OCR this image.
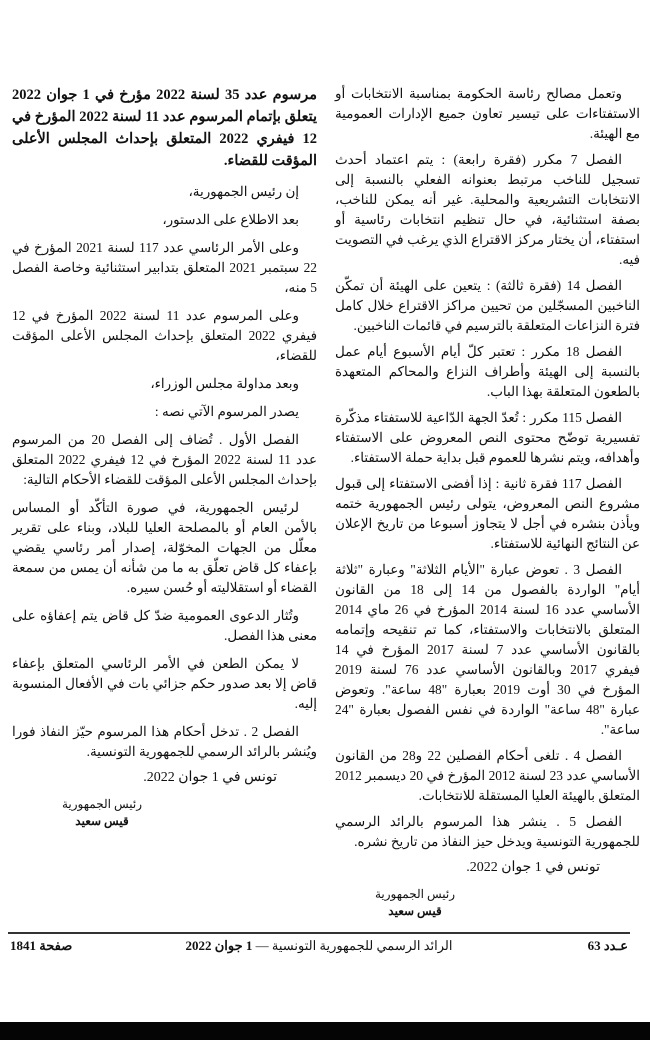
وتعمل مصالح رئاسة الحكومة بمناسبة الانتخابات أو الاستفتاءات على تيسير تعاون جميع الإدارات العمومية مع الهيئة.

الفصل 7 مكرر (فقرة رابعة) : يتم اعتماد أحدث تسجيل للناخب مرتبط بعنوانه الفعلي بالنسبة إلى الانتخابات التشريعية والمحلية. غير أنه يمكن للناخب، بصفة استثنائية، في حال تنظيم انتخابات رئاسية أو استفتاء، أن يختار مركز الاقتراع الذي يرغب في التصويت فيه.

الفصل 14 (فقرة ثالثة) : يتعين على الهيئة أن تمكّن الناخبين المسجّلين من تحيين مراكز الاقتراع خلال كامل فترة النزاعات المتعلقة بالترسيم في قائمات الناخبين.

الفصل 18 مكرر : تعتبر كلّ أيام الأسبوع أيام عمل بالنسبة إلى الهيئة وأطراف النزاع والمحاكم المتعهدة بالطعون المتعلقة بهذا الباب.

الفصل 115 مكرر : تُعدّ الجهة الدّاعية للاستفتاء مذكّرة تفسيرية توضّح محتوى النص المعروض على الاستفتاء وأهدافه، ويتم نشرها للعموم قبل بداية حملة الاستفتاء.

الفصل 117 فقرة ثانية : إذا أفضى الاستفتاء إلى قبول مشروع النص المعروض، يتولى رئيس الجمهورية ختمه ويأذن بنشره في أجل لا يتجاوز أسبوعا من تاريخ الإعلان عن النتائج النهائية للاستفتاء.

الفصل 3 . تعوض عبارة "الأيام الثلاثة" وعبارة "ثلاثة أيام" الواردة بالفصول من 14 إلى 18 من القانون الأساسي عدد 16 لسنة 2014 المؤرخ في 26 ماي 2014 المتعلق بالانتخابات والاستفتاء، كما تم تنقيحه وإتمامه بالقانون الأساسي عدد 7 لسنة 2017 المؤرخ في 14 فيفري 2017 وبالقانون الأساسي عدد 76 لسنة 2019 المؤرخ في 30 أوت 2019 بعبارة "48 ساعة". وتعوض عبارة "48 ساعة" الواردة في نفس الفصول بعبارة "24 ساعة".

الفصل 4 . تلغى أحكام الفصلين 22 و28 من القانون الأساسي عدد 23 لسنة 2012 المؤرخ في 20 ديسمبر 2012 المتعلق بالهيئة العليا المستقلة للانتخابات.

الفصل 5 . ينشر هذا المرسوم بالرائد الرسمي للجمهورية التونسية ويدخل حيز النفاذ من تاريخ نشره.

تونس في 1 جوان 2022.

رئيس الجمهورية
قيس سعيد

مرسوم عدد 35 لسنة 2022 مؤرخ في 1 جوان 2022 يتعلق بإتمام المرسوم عدد 11 لسنة 2022 المؤرخ في 12 فيفري 2022 المتعلق بإحداث المجلس الأعلى المؤقت للقضاء.

إن رئيس الجمهورية،

بعد الاطلاع على الدستور،

وعلى الأمر الرئاسي عدد 117 لسنة 2021 المؤرخ في 22 سبتمبر 2021 المتعلق بتدابير استثنائية وخاصة الفصل 5 منه،

وعلى المرسوم عدد 11 لسنة 2022 المؤرخ في 12 فيفري 2022 المتعلق بإحداث المجلس الأعلى المؤقت للقضاء،

وبعد مداولة مجلس الوزراء،

يصدر المرسوم الآتي نصه :

الفصل الأول . تُضاف إلى الفصل 20 من المرسوم عدد 11 لسنة 2022 المؤرخ في 12 فيفري 2022 المتعلق بإحداث المجلس الأعلى المؤقت للقضاء الأحكام التالية:

لرئيس الجمهورية، في صورة التأكّد أو المساس بالأمن العام أو بالمصلحة العليا للبلاد، وبناء على تقرير معلّل من الجهات المخوّلة، إصدار أمر رئاسي يقضي بإعفاء كل قاض تعلّق به ما من شأنه أن يمس من سمعة القضاء أو استقلاليته أو حُسن سيره.

وتُثار الدعوى العمومية ضدّ كل قاض يتم إعفاؤه على معنى هذا الفصل.

لا يمكن الطعن في الأمر الرئاسي المتعلق بإعفاء قاض إلا بعد صدور حكم جزائي بات في الأفعال المنسوبة إليه.

الفصل 2 . تدخل أحكام هذا المرسوم حيّز النفاذ فورا ويُنشر بالرائد الرسمي للجمهورية التونسية.

تونس في 1 جوان 2022.

رئيس الجمهورية
قيس سعيد
عـدد 63
الرائد الرسمي للجمهورية التونسية — 1 جوان 2022
صفحة 1841
